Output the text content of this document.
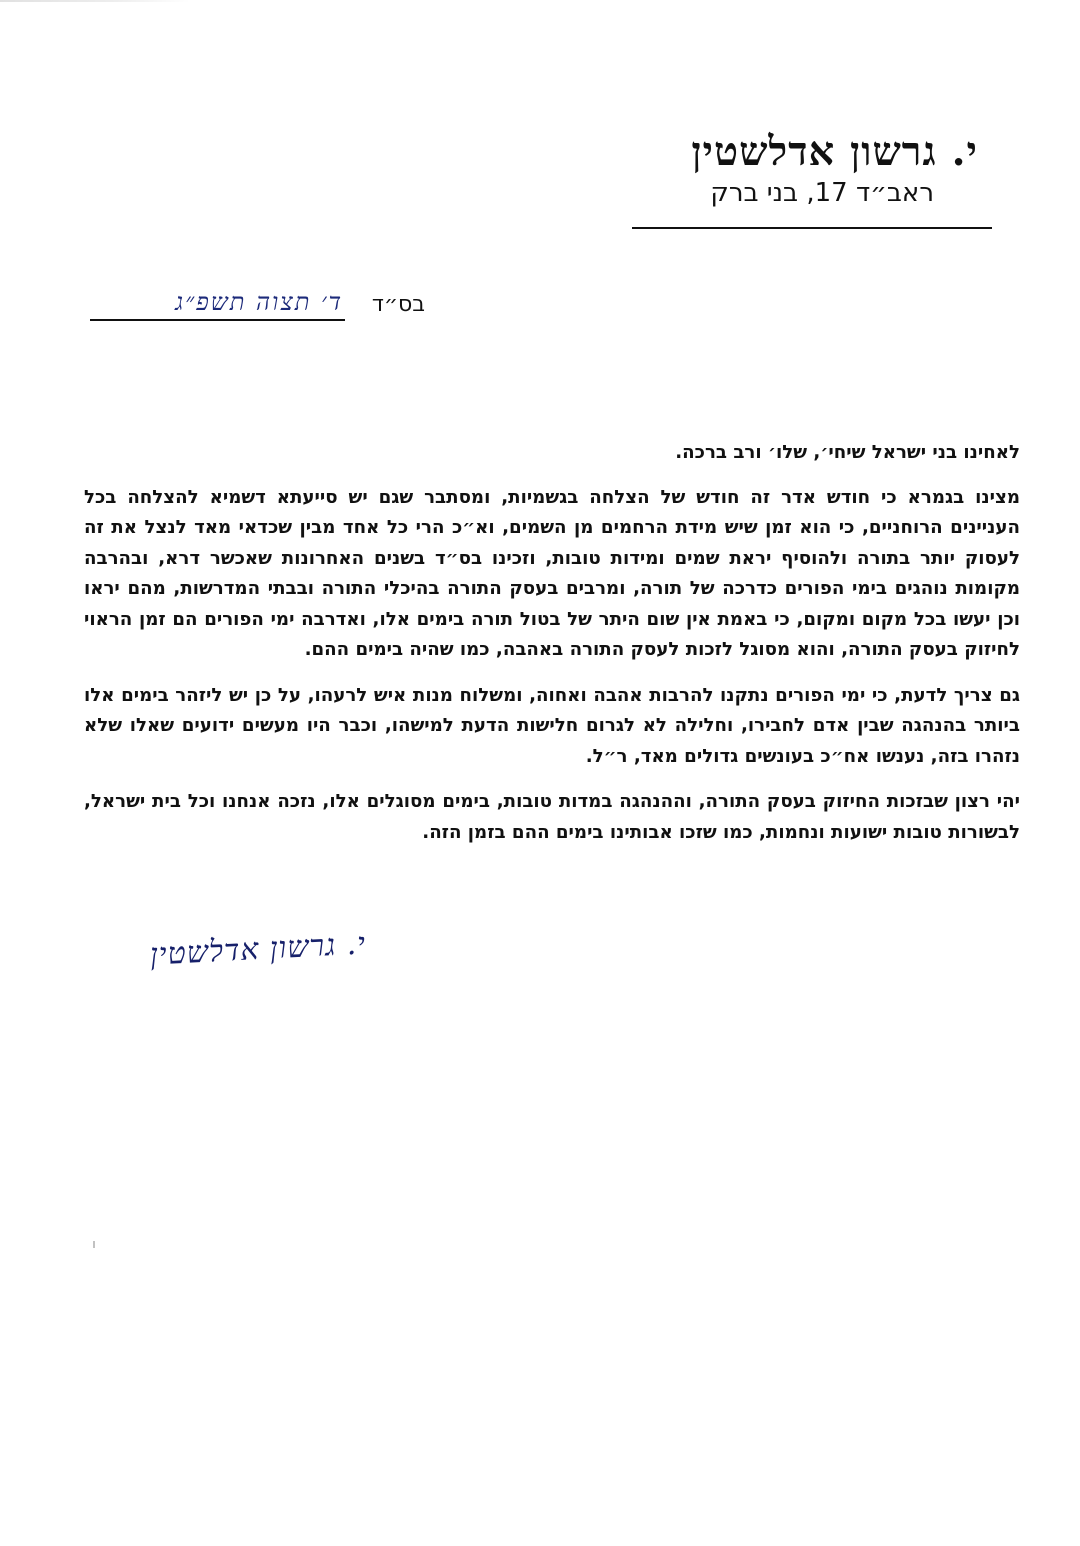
י. גרשון אדלשטין
ראב״ד 17, בני ברק
בס״ד
ד׳ תצוה תשפ״ג

לאחינו בני ישראל שיחי׳, שלו׳ ורב ברכה.

מצינו בגמרא כי חודש אדר זה חודש של הצלחה בגשמיות, ומסתבר שגם יש סייעתא דשמיא להצלחה בכל העניינים הרוחניים, כי הוא זמן שיש מידת הרחמים מן השמים, וא״כ הרי כל אחד מבין שכדאי מאד לנצל את זה לעסוק יותר בתורה ולהוסיף יראת שמים ומידות טובות, וזכינו בס״ד בשנים האחרונות שאכשר דרא, ובהרבה מקומות נוהגים בימי הפורים כדרכה של תורה, ומרבים בעסק התורה בהיכלי התורה ובבתי המדרשות, מהם יראו וכן יעשו בכל מקום ומקום, כי באמת אין שום היתר של בטול תורה בימים אלו, ואדרבה ימי הפורים הם זמן הראוי לחיזוק בעסק התורה, והוא מסוגל לזכות לעסק התורה באהבה, כמו שהיה בימים ההם.

גם צריך לדעת, כי ימי הפורים נתקנו להרבות אהבה ואחוה, ומשלוח מנות איש לרעהו, על כן יש ליזהר בימים אלו ביותר בהנהגה שבין אדם לחבירו, וחלילה לא לגרום חלישות הדעת למישהו, וכבר היו מעשים ידועים שאלו שלא נזהרו בזה, נענשו אח״כ בעונשים גדולים מאד, ר״ל.

יהי רצון שבזכות החיזוק בעסק התורה, וההנהגה במדות טובות, בימים מסוגלים אלו, נזכה אנחנו וכל בית ישראל, לבשורות טובות ישועות ונחמות, כמו שזכו אבותינו בימים ההם בזמן הזה.

י. גרשון אדלשטין
